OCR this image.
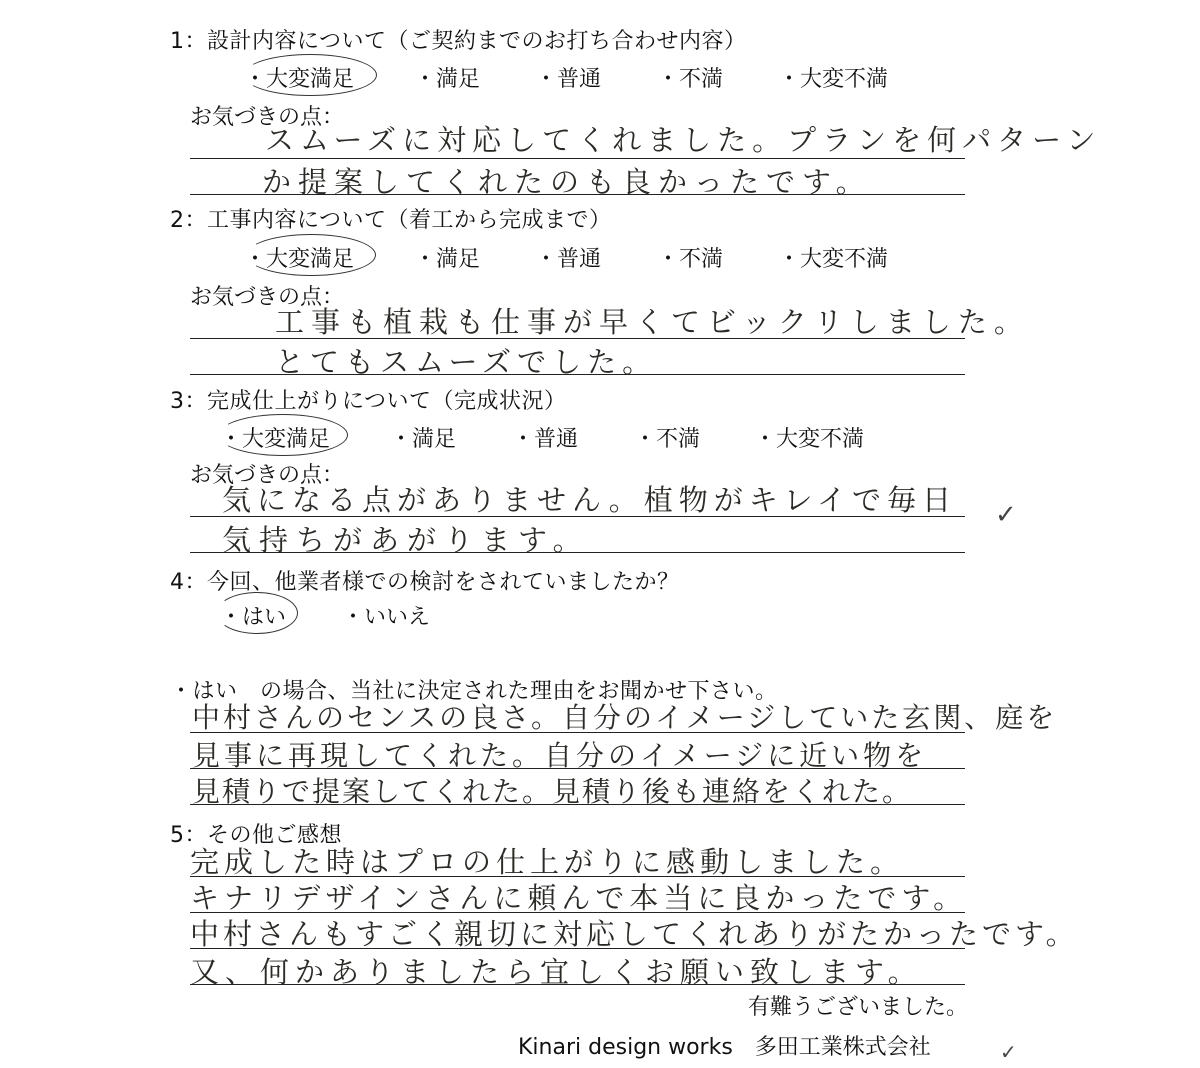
1：設計内容について（ご契約までのお打ち合わせ内容）
・大変満足	・満足 ・普通	・不満 ・大変不満
お気づきの点：
スムーズに対応してくれました。プランを何パターン
か提案してくれたのも良かったです。
2：工事内容について（着工から完成まで）
・大変満足	・満足 ・普通	・不満 ・大変不満
お気づきの点：
工事も植栽も仕事が早くてビックリしました。
とてもスムーズでした。
3：完成仕上がりについて（完成状況）
・大変満足	・満足	・普通	・不満 ・大変不満
お気づきの点：
気になる点がありません。植物がキレイで毎日
気持ちがあがります。
✓
4：今回、他業者様での検討をされていましたか？
・はい	・いいえ
・はい　の場合、当社に決定された理由をお聞かせ下さい。
中村さんのセンスの良さ。自分のイメージしていた玄関、庭を
見事に再現してくれた。自分のイメージに近い物を
見積りで提案してくれた。見積り後も連絡をくれた。
5：その他ご感想
完成した時はプロの仕上がりに感動しました。
キナリデザインさんに頼んで本当に良かったです。
中村さんもすごく親切に対応してくれありがたかったです。
又、何かありましたら宜しくお願い致します。
有難うございました。
Kinari design works　多田工業株式会社	✓
